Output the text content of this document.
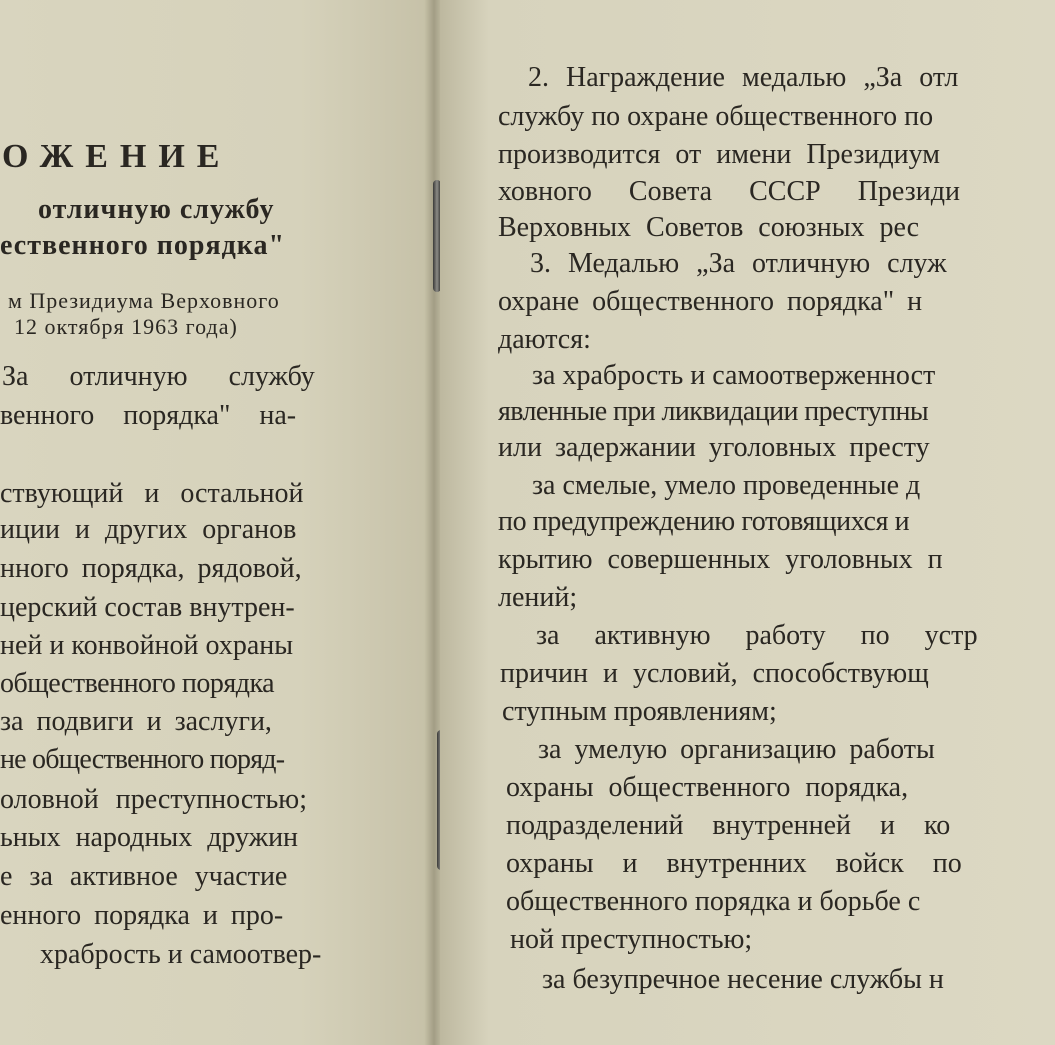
ОЖЕНИЕ
отличную службу
ественного порядка"
м Президиума Верховного
12 октября 1963 года)
За отличную службу
венного порядка" на-
ствующий и остальной
иции и других органов
нного порядка, рядовой,
церский состав внутрен-
ней и конвойной охраны
общественного порядка
за подвиги и заслуги,
не общественного поряд-
оловной преступностью;
ьных народных дружин
е за активное участие
енного порядка и про-
храбрость и самоотвер-
2. Награждение медалью „За отл
службу по охране общественного по
производится от имени Президиум
ховного Совета СССР Президи
Верховных Советов союзных рес
3. Медалью „За отличную служ
охране общественного порядка" н
даются:
за храбрость и самоотверженност
явленные при ликвидации преступны
или задержании уголовных престу
за смелые, умело проведенные д
по предупреждению готовящихся и
крытию совершенных уголовных п
лений;
за активную работу по устр
причин и условий, способствующ
ступным проявлениям;
за умелую организацию работы
охраны общественного порядка,
подразделений внутренней и ко
охраны и внутренних войск по
общественного порядка и борьбе с
ной преступностью;
за безупречное несение службы н
